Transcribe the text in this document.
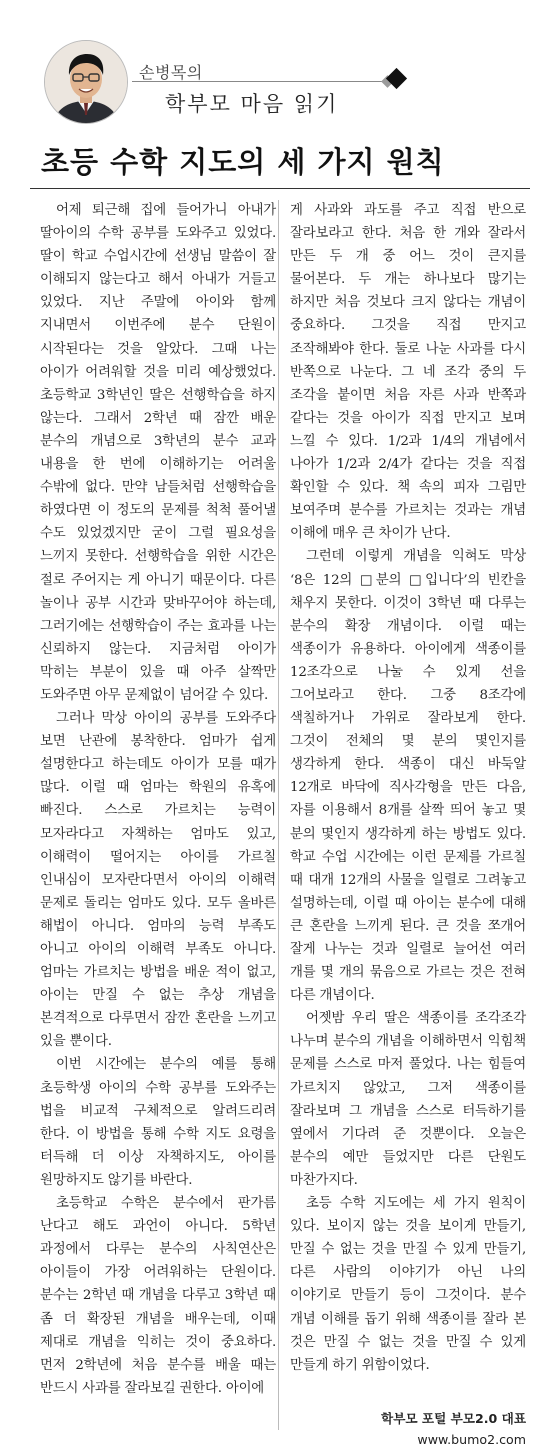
손병목의
학부모 마음 읽기
초등 수학 지도의 세 가지 원칙

어제 퇴근해 집에 들어가니 아내가 딸아이의 수학 공부를 도와주고 있었다. 딸이 학교 수업시간에 선생님 말씀이 잘 이해되지 않는다고 해서 아내가 거들고 있었다. 지난 주말에 아이와 함께 지내면서 이번주에 분수 단원이 시작된다는 것을 알았다. 그때 나는 아이가 어려워할 것을 미리 예상했었다. 초등학교 3학년인 딸은 선행학습을 하지 않는다. 그래서 2학년 때 잠깐 배운 분수의 개념으로 3학년의 분수 교과 내용을 한 번에 이해하기는 어려울 수밖에 없다. 만약 남들처럼 선행학습을 하였다면 이 정도의 문제를 척척 풀어낼 수도 있었겠지만 굳이 그럴 필요성을 느끼지 못한다. 선행학습을 위한 시간은 절로 주어지는 게 아니기 때문이다. 다른 놀이나 공부 시간과 맞바꾸어야 하는데, 그러기에는 선행학습이 주는 효과를 나는 신뢰하지 않는다. 지금처럼 아이가 막히는 부분이 있을 때 아주 살짝만 도와주면 아무 문제없이 넘어갈 수 있다.

그러나 막상 아이의 공부를 도와주다 보면 난관에 봉착한다. 엄마가 쉽게 설명한다고 하는데도 아이가 모를 때가 많다. 이럴 때 엄마는 학원의 유혹에 빠진다. 스스로 가르치는 능력이 모자라다고 자책하는 엄마도 있고, 이해력이 떨어지는 아이를 가르칠 인내심이 모자란다면서 아이의 이해력 문제로 돌리는 엄마도 있다. 모두 올바른 해법이 아니다. 엄마의 능력 부족도 아니고 아이의 이해력 부족도 아니다. 엄마는 가르치는 방법을 배운 적이 없고, 아이는 만질 수 없는 추상 개념을 본격적으로 다루면서 잠깐 혼란을 느끼고 있을 뿐이다.

이번 시간에는 분수의 예를 통해 초등학생 아이의 수학 공부를 도와주는 법을 비교적 구체적으로 알려드리려 한다. 이 방법을 통해 수학 지도 요령을 터득해 더 이상 자책하지도, 아이를 원망하지도 않기를 바란다.

초등학교 수학은 분수에서 판가름 난다고 해도 과언이 아니다. 5학년 과정에서 다루는 분수의 사칙연산은 아이들이 가장 어려워하는 단원이다. 분수는 2학년 때 개념을 다루고 3학년 때 좀 더 확장된 개념을 배우는데, 이때 제대로 개념을 익히는 것이 중요하다. 먼저 2학년에 처음 분수를 배울 때는 반드시 사과를 잘라보길 권한다. 아이에

게 사과와 과도를 주고 직접 반으로 잘라보라고 한다. 처음 한 개와 잘라서 만든 두 개 중 어느 것이 큰지를 물어본다. 두 개는 하나보다 많기는 하지만 처음 것보다 크지 않다는 개념이 중요하다. 그것을 직접 만지고 조작해봐야 한다. 둘로 나눈 사과를 다시 반쪽으로 나눈다. 그 네 조각 중의 두 조각을 붙이면 처음 자른 사과 반쪽과 같다는 것을 아이가 직접 만지고 보며 느낄 수 있다. 1/2과 1/4의 개념에서 나아가 1/2과 2/4가 같다는 것을 직접 확인할 수 있다. 책 속의 피자 그림만 보여주며 분수를 가르치는 것과는 개념 이해에 매우 큰 차이가 난다.

그런데 이렇게 개념을 익혀도 막상 ‘8은 12의 □분의 □입니다’의 빈칸을 채우지 못한다. 이것이 3학년 때 다루는 분수의 확장 개념이다. 이럴 때는 색종이가 유용하다. 아이에게 색종이를 12조각으로 나눌 수 있게 선을 그어보라고 한다. 그중 8조각에 색칠하거나 가위로 잘라보게 한다. 그것이 전체의 몇 분의 몇인지를 생각하게 한다. 색종이 대신 바둑알 12개로 바닥에 직사각형을 만든 다음, 자를 이용해서 8개를 살짝 띄어 놓고 몇 분의 몇인지 생각하게 하는 방법도 있다. 학교 수업 시간에는 이런 문제를 가르칠 때 대개 12개의 사물을 일렬로 그려놓고 설명하는데, 이럴 때 아이는 분수에 대해 큰 혼란을 느끼게 된다. 큰 것을 쪼개어 잘게 나누는 것과 일렬로 늘어선 여러 개를 몇 개의 묶음으로 가르는 것은 전혀 다른 개념이다.

어젯밤 우리 딸은 색종이를 조각조각 나누며 분수의 개념을 이해하면서 익힘책 문제를 스스로 마저 풀었다. 나는 힘들여 가르치지 않았고, 그저 색종이를 잘라보며 그 개념을 스스로 터득하기를 옆에서 기다려 준 것뿐이다. 오늘은 분수의 예만 들었지만 다른 단원도 마찬가지다.

초등 수학 지도에는 세 가지 원칙이 있다. 보이지 않는 것을 보이게 만들기, 만질 수 없는 것을 만질 수 있게 만들기, 다른 사람의 이야기가 아닌 나의 이야기로 만들기 등이 그것이다. 분수 개념 이해를 돕기 위해 색종이를 잘라 본 것은 만질 수 없는 것을 만질 수 있게 만들게 하기 위함이었다.

학부모 포털 부모2.0 대표
www.bumo2.com
